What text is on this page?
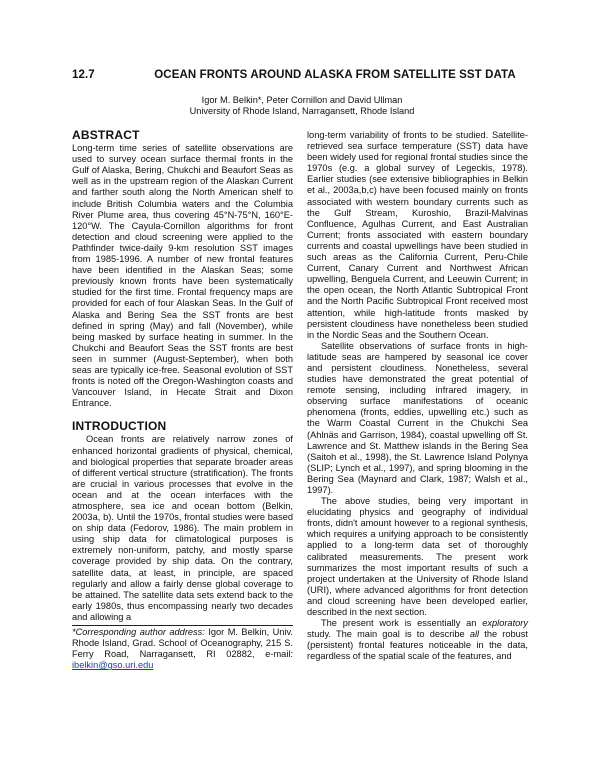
12.7	OCEAN FRONTS AROUND ALASKA FROM SATELLITE SST DATA
Igor M. Belkin*, Peter Cornillon and David Ullman
University of Rhode Island, Narragansett, Rhode Island
ABSTRACT

Long-term time series of satellite observations are used to survey ocean surface thermal fronts in the Gulf of Alaska, Bering, Chukchi and Beaufort Seas as well as in the upstream region of the Alaskan Current and farther south along the North American shelf to include British Columbia waters and the Columbia River Plume area, thus covering 45°N-75°N, 160°E-120°W. The Cayula-Cornillon algorithms for front detection and cloud screening were applied to the Pathfinder twice-daily 9-km resolution SST images from 1985-1996. A number of new frontal features have been identified in the Alaskan Seas; some previously known fronts have been systematically studied for the first time. Frontal frequency maps are provided for each of four Alaskan Seas. In the Gulf of Alaska and Bering Sea the SST fronts are best defined in spring (May) and fall (November), while being masked by surface heating in summer. In the Chukchi and Beaufort Seas the SST fronts are best seen in summer (August-September), when both seas are typically ice-free. Seasonal evolution of SST fronts is noted off the Oregon-Washington coasts and Vancouver Island, in Hecate Strait and Dixon Entrance.

INTRODUCTION

Ocean fronts are relatively narrow zones of enhanced horizontal gradients of physical, chemical, and biological properties that separate broader areas of different vertical structure (stratification). The fronts are crucial in various processes that evolve in the ocean and at the ocean interfaces with the atmosphere, sea ice and ocean bottom (Belkin, 2003a, b). Until the 1970s, frontal studies were based on ship data (Fedorov, 1986). The main problem in using ship data for climatological purposes is extremely non-uniform, patchy, and mostly sparse coverage provided by ship data. On the contrary, satellite data, at least, in principle, are spaced regularly and allow a fairly dense global coverage to be attained. The satellite data sets extend back to the early 1980s, thus encompassing nearly two decades and allowing a

*Corresponding author address: Igor M. Belkin, Univ. Rhode Island, Grad. School of Oceanography, 215 S. Ferry Road, Narragansett, RI 02882, e-mail: ibelkin@gso.uri.edu

long-term variability of fronts to be studied. Satellite-retrieved sea surface temperature (SST) data have been widely used for regional frontal studies since the 1970s (e.g. a global survey of Legeckis, 1978). Earlier studies (see extensive bibliographies in Belkin et al., 2003a,b,c) have been focused mainly on fronts associated with western boundary currents such as the Gulf Stream, Kuroshio, Brazil-Malvinas Confluence, Agulhas Current, and East Australian Current; fronts associated with eastern boundary currents and coastal upwellings have been studied in such areas as the California Current, Peru-Chile Current, Canary Current and Northwest African upwelling, Benguela Current, and Leeuwin Current; in the open ocean, the North Atlantic Subtropical Front and the North Pacific Subtropical Front received most attention, while high-latitude fronts masked by persistent cloudiness have nonetheless been studied in the Nordic Seas and the Southern Ocean.

Satellite observations of surface fronts in high-latitude seas are hampered by seasonal ice cover and persistent cloudiness. Nonetheless, several studies have demonstrated the great potential of remote sensing, including infrared imagery, in observing surface manifestations of oceanic phenomena (fronts, eddies, upwelling etc.) such as the Warm Coastal Current in the Chukchi Sea (Ahlnäs and Garrison, 1984), coastal upwelling off St. Lawrence and St. Matthew islands in the Bering Sea (Saitoh et al., 1998), the St. Lawrence Island Polynya (SLIP; Lynch et al., 1997), and spring blooming in the Bering Sea (Maynard and Clark, 1987; Walsh et al., 1997).

The above studies, being very important in elucidating physics and geography of individual fronts, didn't amount however to a regional synthesis, which requires a unifying approach to be consistently applied to a long-term data set of thoroughly calibrated measurements. The present work summarizes the most important results of such a project undertaken at the University of Rhode Island (URI), where advanced algorithms for front detection and cloud screening have been developed earlier, described in the next section.

The present work is essentially an exploratory study. The main goal is to describe all the robust (persistent) frontal features noticeable in the data, regardless of the spatial scale of the features, and
